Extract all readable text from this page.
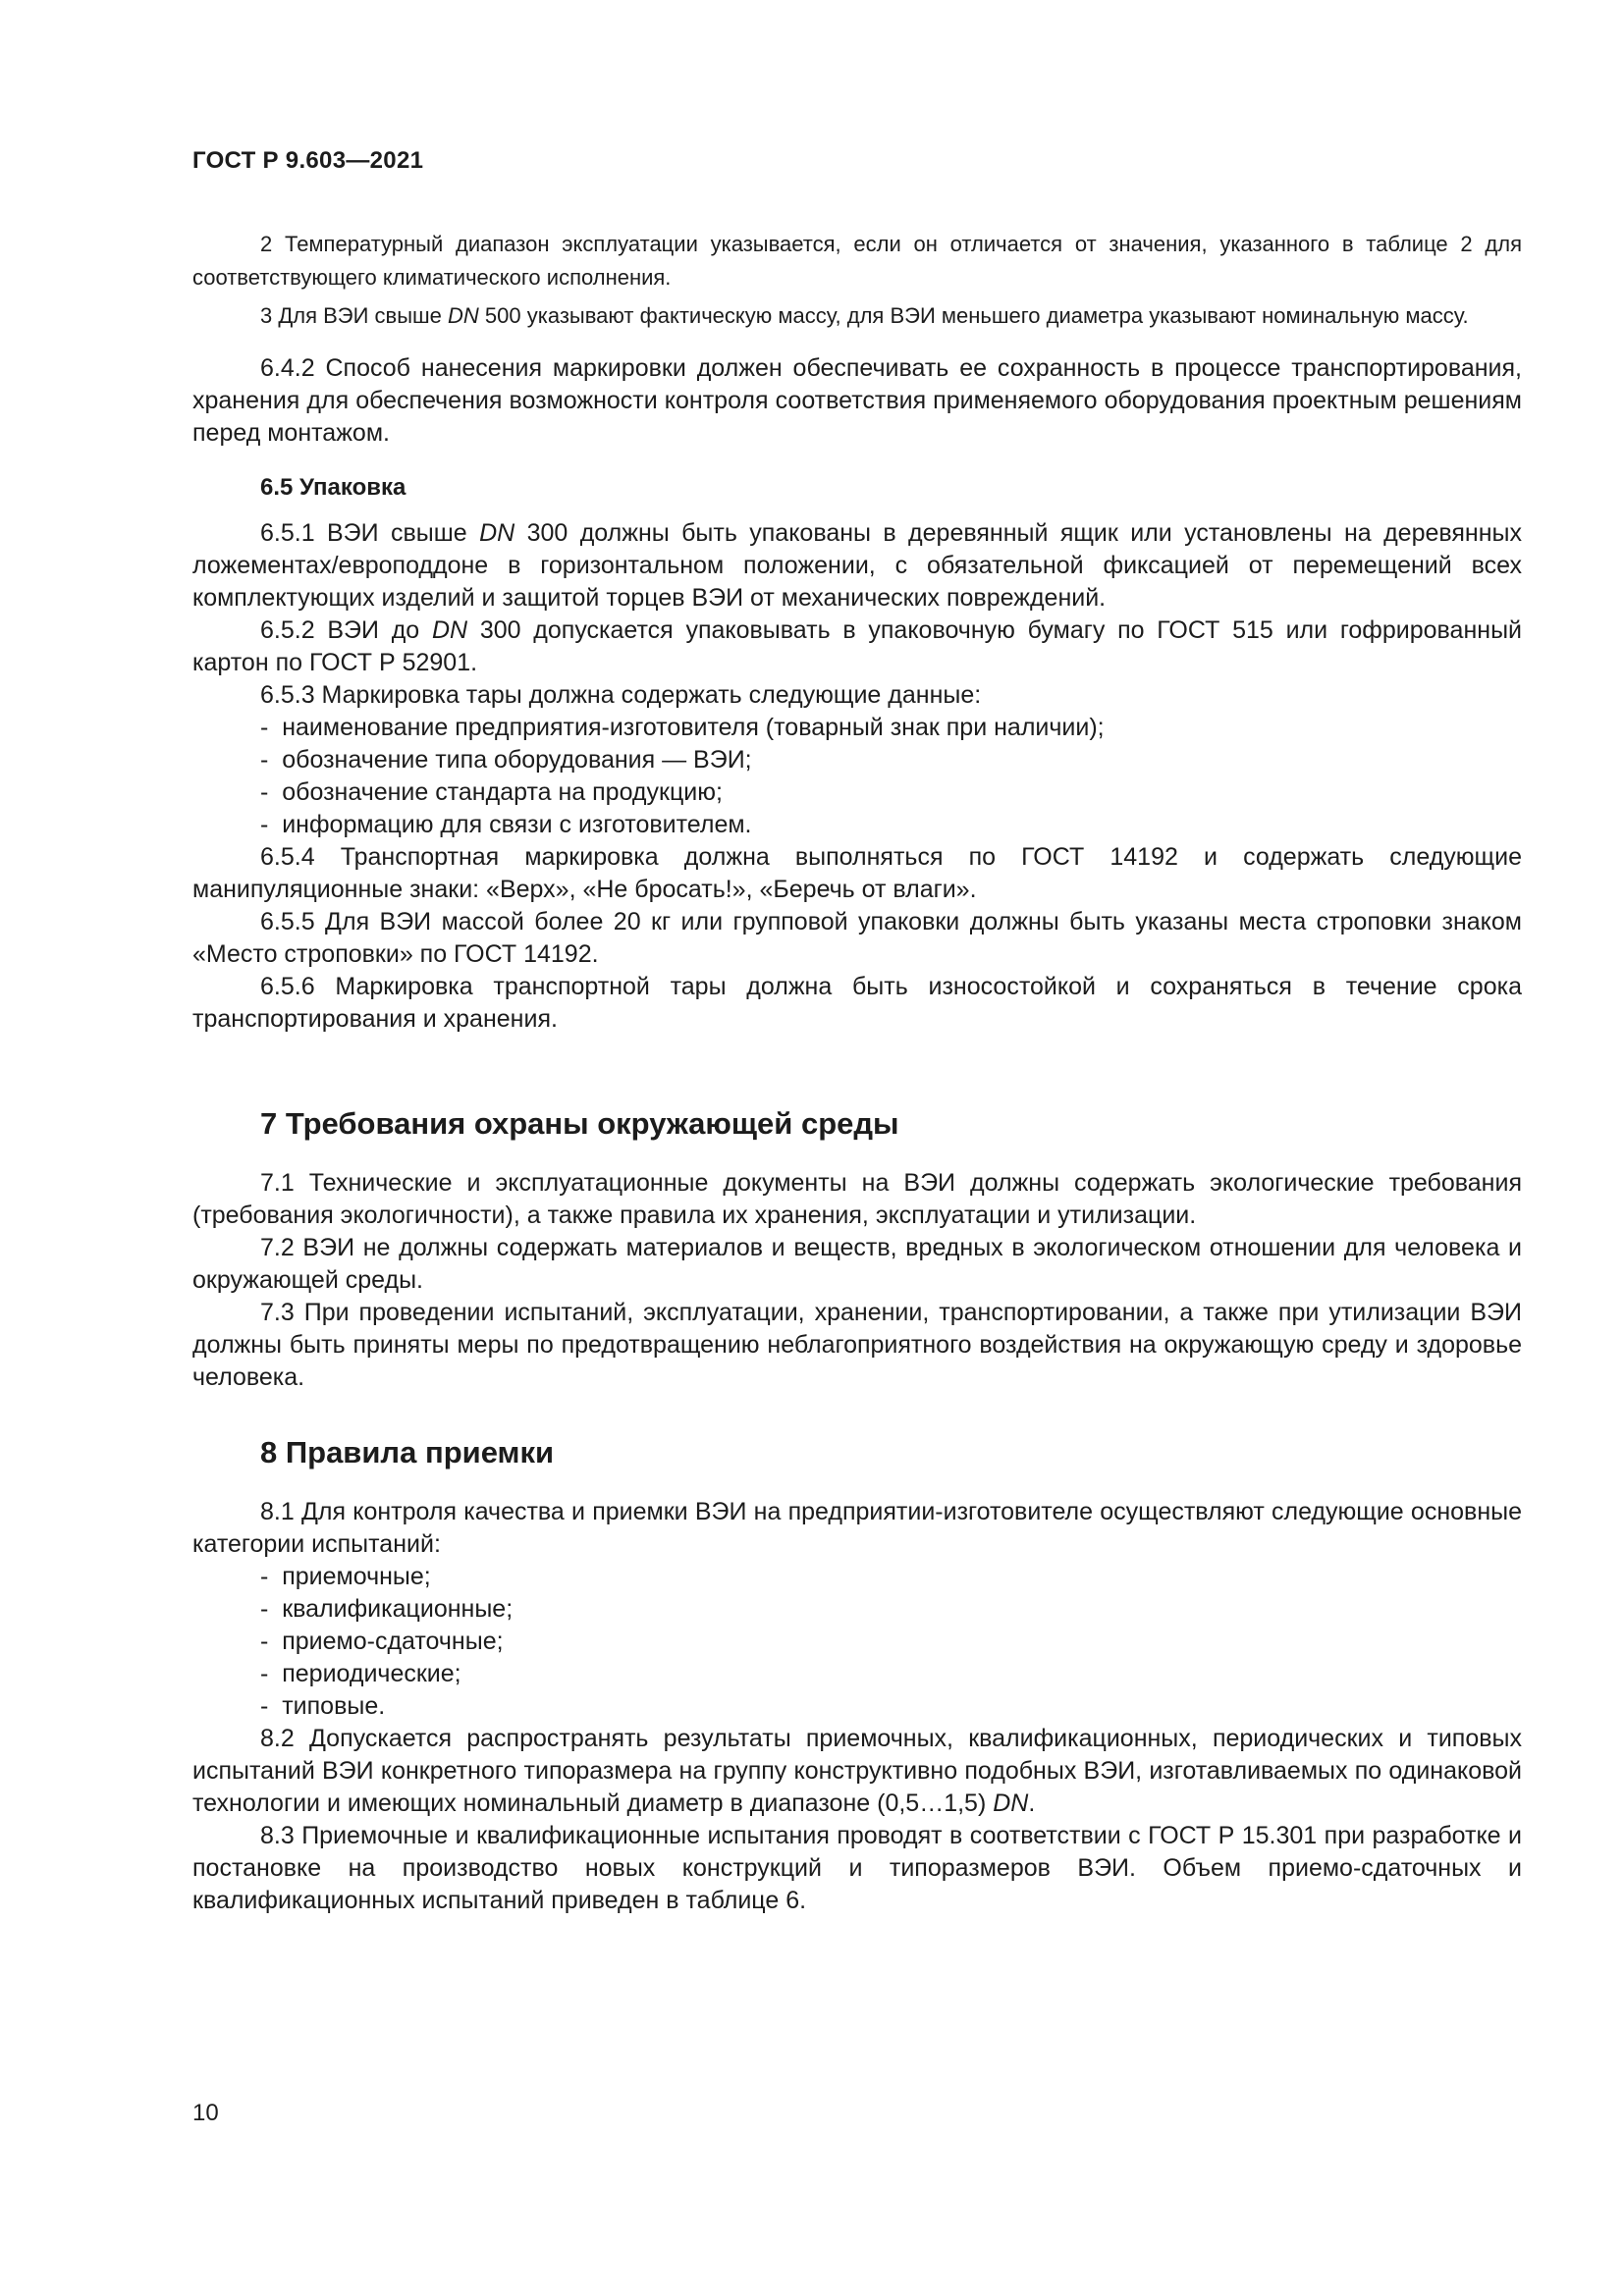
ГОСТ Р 9.603—2021

2 Температурный диапазон эксплуатации указывается, если он отличается от значения, указанного в таблице 2 для соответствующего климатического исполнения.

3 Для ВЭИ свыше DN 500 указывают фактическую массу, для ВЭИ меньшего диаметра указывают номинальную массу.

6.4.2 Способ нанесения маркировки должен обеспечивать ее сохранность в процессе транспортирования, хранения для обеспечения возможности контроля соответствия применяемого оборудования проектным решениям перед монтажом.

6.5 Упаковка

6.5.1 ВЭИ свыше DN 300 должны быть упакованы в деревянный ящик или установлены на деревянных ложементах/европоддоне в горизонтальном положении, с обязательной фиксацией от перемещений всех комплектующих изделий и защитой торцев ВЭИ от механических повреждений.

6.5.2 ВЭИ до DN 300 допускается упаковывать в упаковочную бумагу по ГОСТ 515 или гофрированный картон по ГОСТ Р 52901.

6.5.3 Маркировка тары должна содержать следующие данные:

-  наименование предприятия-изготовителя (товарный знак при наличии);
-  обозначение типа оборудования — ВЭИ;
-  обозначение стандарта на продукцию;
-  информацию для связи с изготовителем.

6.5.4 Транспортная маркировка должна выполняться по ГОСТ 14192 и содержать следующие манипуляционные знаки: «Верх», «Не бросать!», «Беречь от влаги».

6.5.5 Для ВЭИ массой более 20 кг или групповой упаковки должны быть указаны места строповки знаком «Место строповки» по ГОСТ 14192.

6.5.6 Маркировка транспортной тары должна быть износостойкой и сохраняться в течение срока транспортирования и хранения.

7 Требования охраны окружающей среды

7.1 Технические и эксплуатационные документы на ВЭИ должны содержать экологические требования (требования экологичности), а также правила их хранения, эксплуатации и утилизации.

7.2 ВЭИ не должны содержать материалов и веществ, вредных в экологическом отношении для человека и окружающей среды.

7.3 При проведении испытаний, эксплуатации, хранении, транспортировании, а также при утилизации ВЭИ должны быть приняты меры по предотвращению неблагоприятного воздействия на окружающую среду и здоровье человека.

8 Правила приемки

8.1 Для контроля качества и приемки ВЭИ на предприятии-изготовителе осуществляют следующие основные категории испытаний:

-  приемочные;
-  квалификационные;
-  приемо-сдаточные;
-  периодические;
-  типовые.

8.2 Допускается распространять результаты приемочных, квалификационных, периодических и типовых испытаний ВЭИ конкретного типоразмера на группу конструктивно подобных ВЭИ, изготавливаемых по одинаковой технологии и имеющих номинальный диаметр в диапазоне (0,5…1,5) DN.

8.3 Приемочные и квалификационные испытания проводят в соответствии с ГОСТ Р 15.301 при разработке и постановке на производство новых конструкций и типоразмеров ВЭИ. Объем приемо-сдаточных и квалификационных испытаний приведен в таблице 6.

10
